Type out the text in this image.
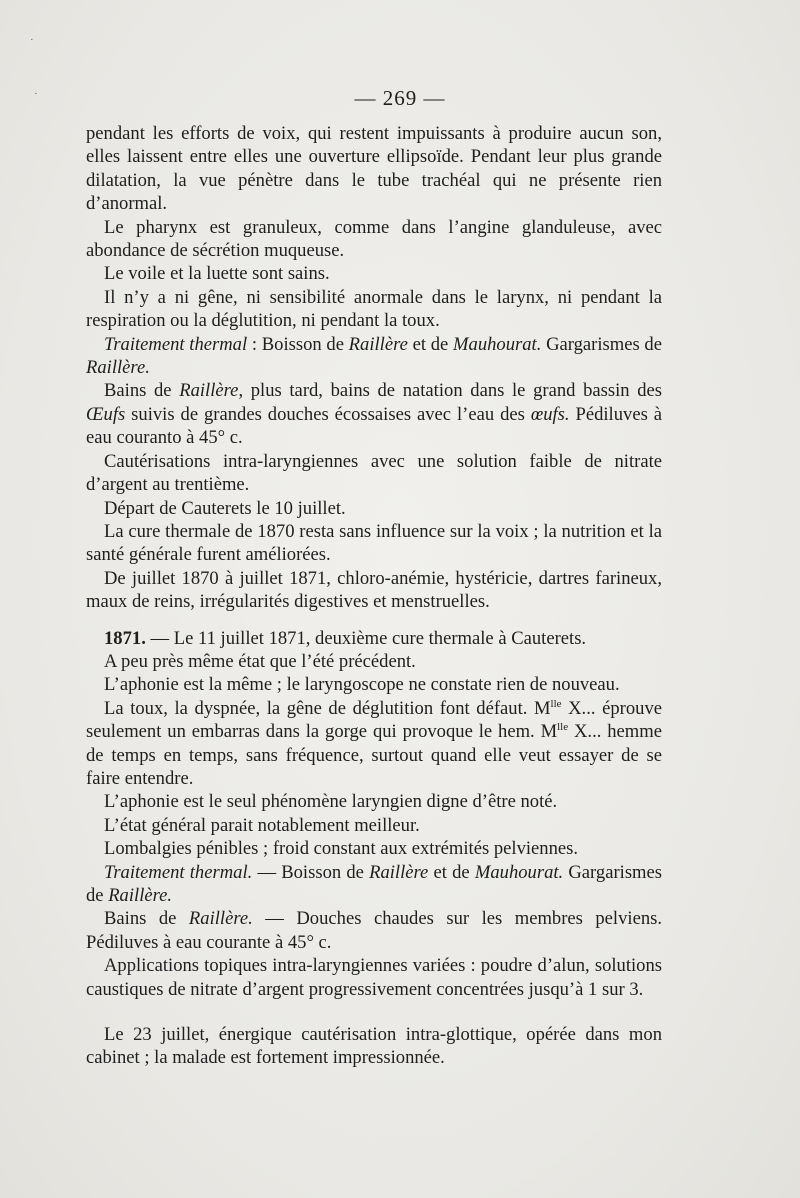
·
·	— 269 —

pendant les efforts de voix, qui restent impuissants à produire aucun son, elles laissent entre elles une ouverture ellipsoïde. Pendant leur plus grande dilatation, la vue pénètre dans le tube trachéal qui ne présente rien d’anormal.

Le pharynx est granuleux, comme dans l’angine glanduleuse, avec abondance de sécrétion muqueuse.

Le voile et la luette sont sains.

Il n’y a ni gêne, ni sensibilité anormale dans le larynx, ni pendant la respiration ou la déglutition, ni pendant la toux.

Traitement thermal : Boisson de Raillère et de Mauhourat. Gargarismes de Raillère.

Bains de Raillère, plus tard, bains de natation dans le grand bassin des Œufs suivis de grandes douches écossaises avec l’eau des œufs. Pédiluves à eau couranto à 45° c.

Cautérisations intra-laryngiennes avec une solution faible de nitrate d’argent au trentième.

Départ de Cauterets le 10 juillet.

La cure thermale de 1870 resta sans influence sur la voix ; la nutrition et la santé générale furent améliorées.

De juillet 1870 à juillet 1871, chloro-anémie, hystéricie, dartres farineux, maux de reins, irrégularités digestives et menstruelles.

1871. — Le 11 juillet 1871, deuxième cure thermale à Cauterets.

A peu près même état que l’été précédent.

L’aphonie est la même ; le laryngoscope ne constate rien de nouveau.

La toux, la dyspnée, la gêne de déglutition font défaut. $M^{lle}$ X... éprouve seulement un embarras dans la gorge qui provoque le hem. $M^{lle}$ X... hemme de temps en temps, sans fréquence, surtout quand elle veut essayer de se faire entendre.

L’aphonie est le seul phénomène laryngien digne d’être noté.

L’état général parait notablement meilleur.

Lombalgies pénibles ; froid constant aux extrémités pelviennes.

Traitement thermal. — Boisson de Raillère et de Mauhourat. Gargarismes de Raillère.

Bains de Raillère. — Douches chaudes sur les membres pelviens. Pédiluves à eau courante à 45° c.

Applications topiques intra-laryngiennes variées : poudre d’alun, solutions caustiques de nitrate d’argent progressivement concentrées jusqu’à 1 sur 3.

Le 23 juillet, énergique cautérisation intra-glottique, opérée dans mon cabinet ; la malade est fortement impressionnée.
